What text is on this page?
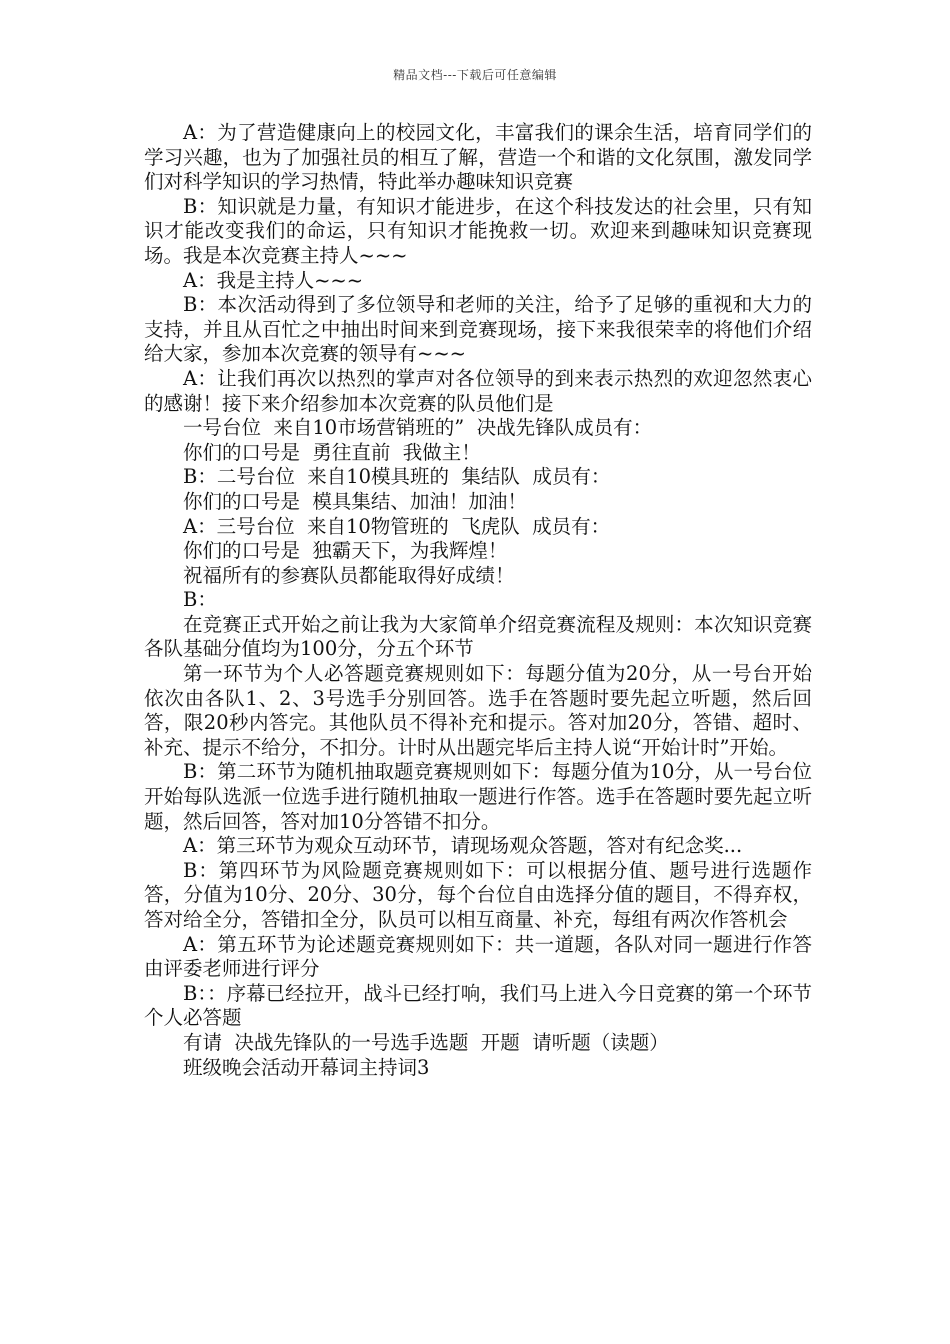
精品文档---下载后可任意编辑

A：为了营造健康向上的校园文化，丰富我们的课余生活，培育同学们的学习兴趣，也为了加强社员的相互了解，营造一个和谐的文化氛围，激发同学们对科学知识的学习热情，特此举办趣味知识竞赛

B：知识就是力量，有知识才能进步，在这个科技发达的社会里，只有知识才能改变我们的命运，只有知识才能挽救一切。欢迎来到趣味知识竞赛现场。我是本次竞赛主持人~~~

A：我是主持人~~~

B：本次活动得到了多位领导和老师的关注，给予了足够的重视和大力的支持，并且从百忙之中抽出时间来到竞赛现场，接下来我很荣幸的将他们介绍给大家，参加本次竞赛的领导有~~~

A：让我们再次以热烈的掌声对各位领导的到来表示热烈的欢迎忽然衷心的感谢！接下来介绍参加本次竞赛的队员他们是

一号台位  来自10市场营销班的”  决战先锋队成员有：

你们的口号是  勇往直前  我做主！

B：二号台位  来自10模具班的  集结队  成员有：

你们的口号是  模具集结、加油！加油！

A：三号台位  来自10物管班的  飞虎队  成员有：

你们的口号是  独霸天下，为我辉煌！

祝福所有的参赛队员都能取得好成绩！

B：

在竞赛正式开始之前让我为大家简单介绍竞赛流程及规则：本次知识竞赛各队基础分值均为100分，分五个环节

第一环节为个人必答题竞赛规则如下：每题分值为20分，从一号台开始依次由各队1、2、3号选手分别回答。选手在答题时要先起立听题，然后回答，限20秒内答完。其他队员不得补充和提示。答对加20分，答错、超时、补充、提示不给分，不扣分。计时从出题完毕后主持人说“开始计时”开始。

B：第二环节为随机抽取题竞赛规则如下：每题分值为10分，从一号台位开始每队选派一位选手进行随机抽取一题进行作答。选手在答题时要先起立听题，然后回答，答对加10分答错不扣分。

A：第三环节为观众互动环节，请现场观众答题，答对有纪念奖...

B：第四环节为风险题竞赛规则如下：可以根据分值、题号进行选题作答，分值为10分、20分、30分，每个台位自由选择分值的题目，不得弃权，答对给全分，答错扣全分，队员可以相互商量、补充，每组有两次作答机会

A：第五环节为论述题竞赛规则如下：共一道题，各队对同一题进行作答由评委老师进行评分

B：：序幕已经拉开，战斗已经打响，我们马上进入今日竞赛的第一个环节个人必答题

有请  决战先锋队的一号选手选题  开题  请听题（读题）

班级晚会活动开幕词主持词3
